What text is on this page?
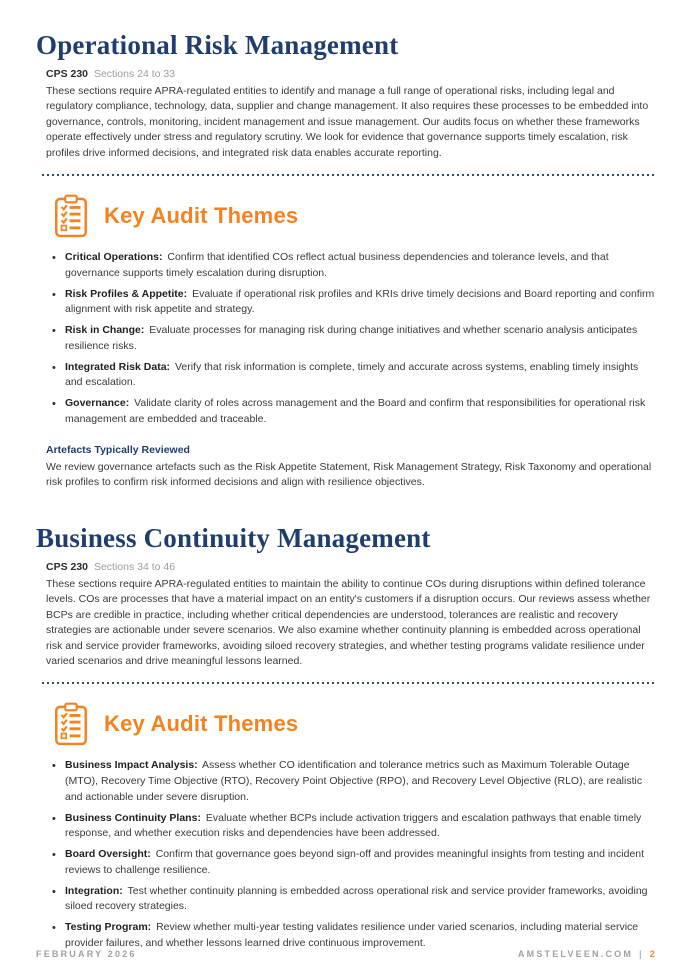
Operational Risk Management
CPS 230 Sections 24 to 33

These sections require APRA-regulated entities to identify and manage a full range of operational risks, including legal and regulatory compliance, technology, data, supplier and change management. It also requires these processes to be embedded into governance, controls, monitoring, incident management and issue management. Our audits focus on whether these frameworks operate effectively under stress and regulatory scrutiny. We look for evidence that governance supports timely escalation, risk profiles drive informed decisions, and integrated risk data enables accurate reporting.

Key Audit Themes
• Critical Operations: Confirm that identified COs reflect actual business dependencies and tolerance levels, and that governance supports timely escalation during disruption.
• Risk Profiles & Appetite: Evaluate if operational risk profiles and KRIs drive timely decisions and Board reporting and confirm alignment with risk appetite and strategy.
• Risk in Change: Evaluate processes for managing risk during change initiatives and whether scenario analysis anticipates resilience risks.
• Integrated Risk Data: Verify that risk information is complete, timely and accurate across systems, enabling timely insights and escalation.
• Governance: Validate clarity of roles across management and the Board and confirm that responsibilities for operational risk management are embedded and traceable.
Artefacts Typically Reviewed

We review governance artefacts such as the Risk Appetite Statement, Risk Management Strategy, Risk Taxonomy and operational risk profiles to confirm risk informed decisions and align with resilience objectives.

Business Continuity Management
CPS 230 Sections 34 to 46

These sections require APRA-regulated entities to maintain the ability to continue COs during disruptions within defined tolerance levels. COs are processes that have a material impact on an entity's customers if a disruption occurs. Our reviews assess whether BCPs are credible in practice, including whether critical dependencies are understood, tolerances are realistic and recovery strategies are actionable under severe scenarios. We also examine whether continuity planning is embedded across operational risk and service provider frameworks, avoiding siloed recovery strategies, and whether testing programs validate resilience under varied scenarios and drive meaningful lessons learned.

Key Audit Themes
• Business Impact Analysis: Assess whether CO identification and tolerance metrics such as Maximum Tolerable Outage (MTO), Recovery Time Objective (RTO), Recovery Point Objective (RPO), and Recovery Level Objective (RLO), are realistic and actionable under severe disruption.
• Business Continuity Plans: Evaluate whether BCPs include activation triggers and escalation pathways that enable timely response, and whether execution risks and dependencies have been addressed.
• Board Oversight: Confirm that governance goes beyond sign-off and provides meaningful insights from testing and incident reviews to challenge resilience.
• Integration: Test whether continuity planning is embedded across operational risk and service provider frameworks, avoiding siloed recovery strategies.
• Testing Program: Review whether multi-year testing validates resilience under varied scenarios, including material service provider failures, and whether lessons learned drive continuous improvement.
FEBRUARY 2026	AMSTELVEEN.COM | 2
